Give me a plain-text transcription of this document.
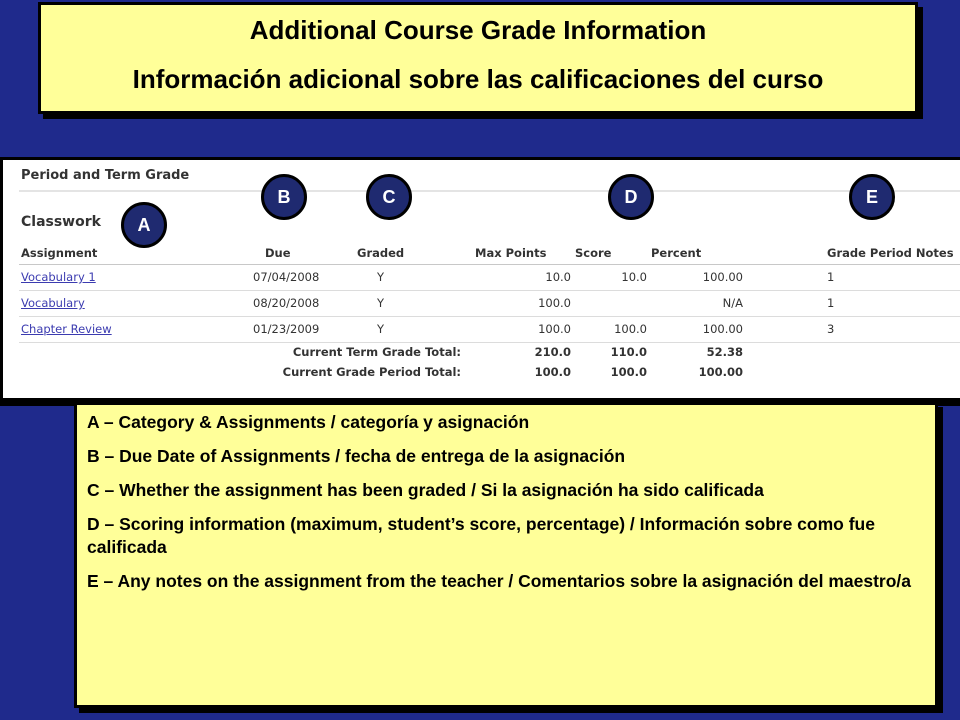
Additional Course Grade Information
Información adicional sobre las calificaciones del curso
Period and Term Grade
Classwork
Assignment	Due	Graded	Max Points	Score	Percent	Grade Period Notes
Vocabulary 1	07/04/2008	Y	10.0	10.0	100.00	1
Vocabulary	08/20/2008	Y	100.0		N/A	1
Chapter Review	01/23/2009	Y	100.0	100.0	100.00	3
Current Term Grade Total:			210.0	110.0	52.38	
Current Grade Period Total:			100.0	100.0	100.00	
A
B	C	D	E

A – Category & Assignments / categoría y asignación

B – Due Date of Assignments / fecha de entrega de la asignación

C – Whether the assignment has been graded / Si la asignación ha sido calificada

D – Scoring information (maximum, student’s score, percentage) / Información sobre como fue calificada

E – Any notes on the assignment from the teacher / Comentarios sobre la asignación del maestro/a
